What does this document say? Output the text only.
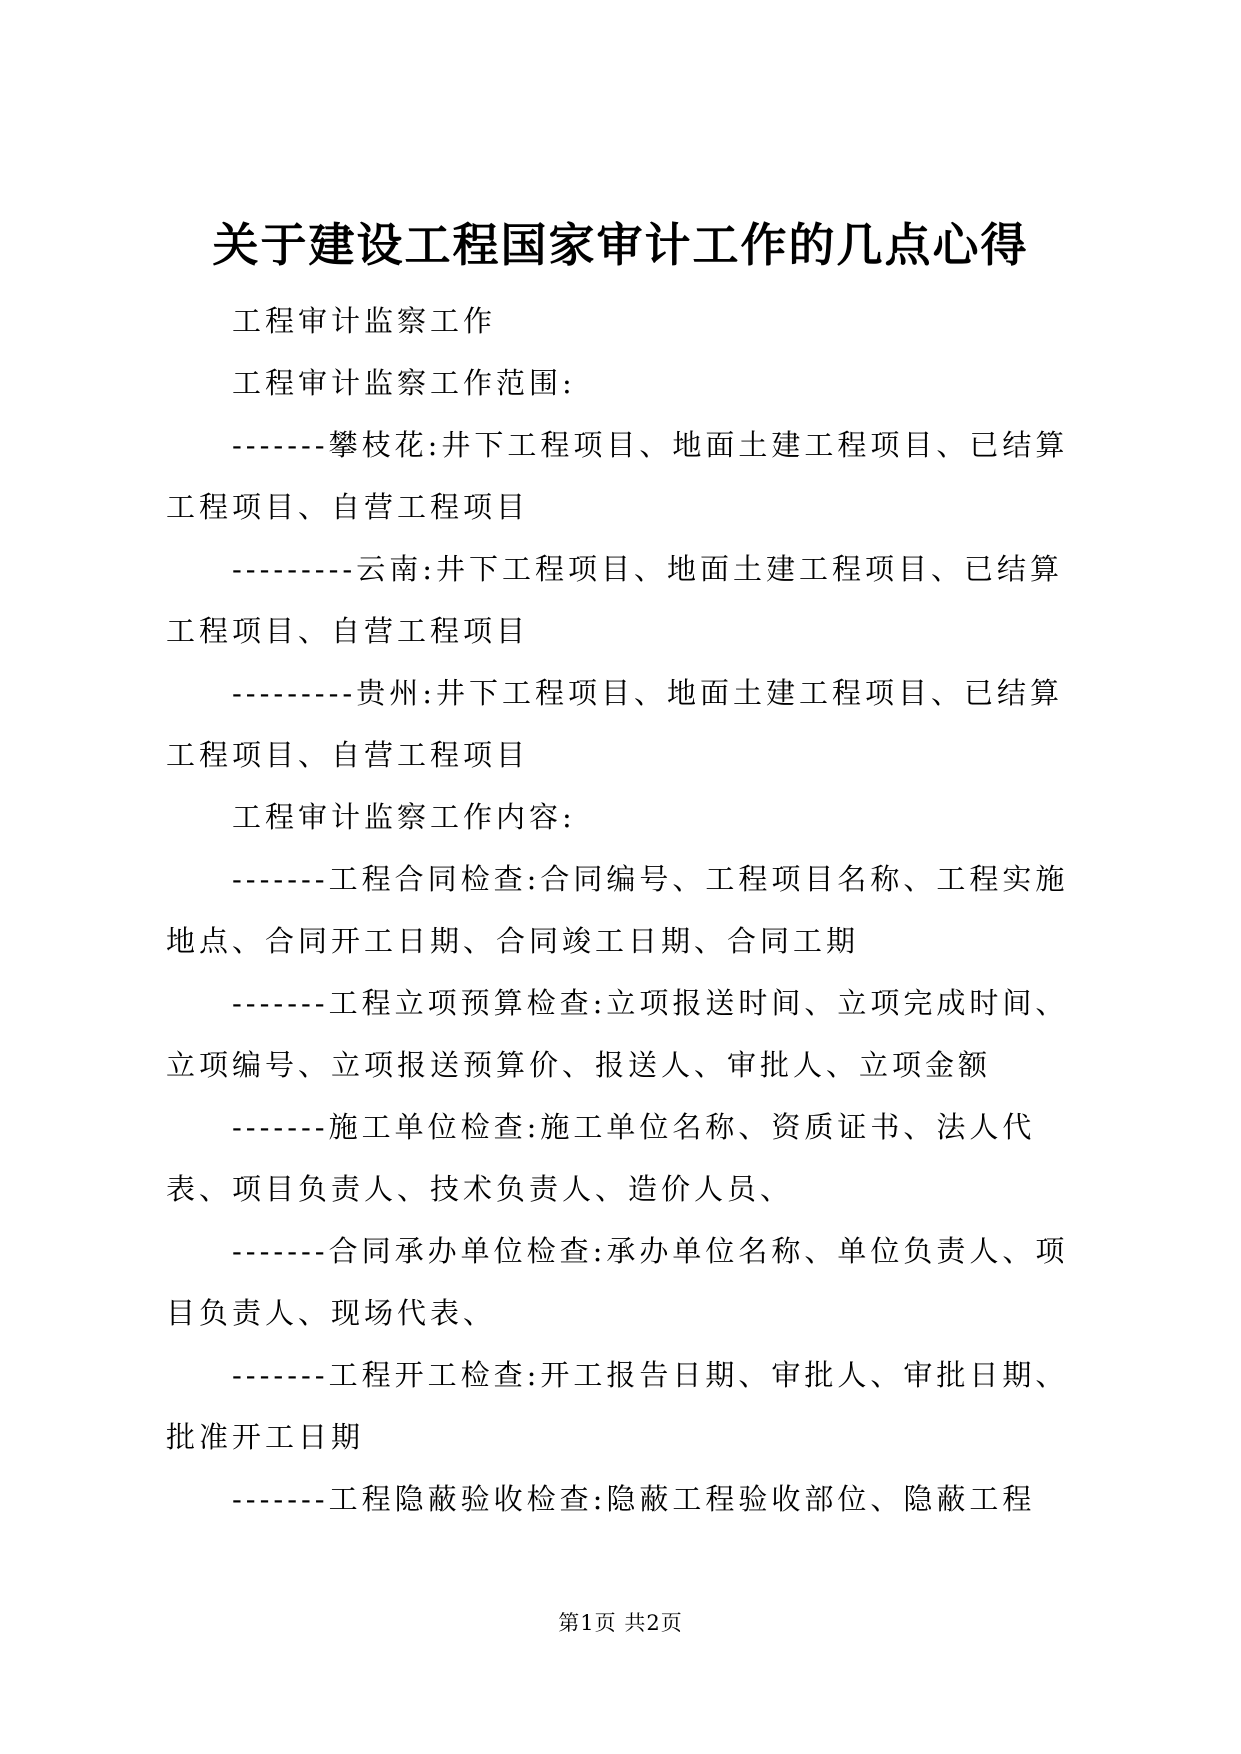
关于建设工程国家审计工作的几点心得

工程审计监察工作

工程审计监察工作范围:

-------攀枝花:井下工程项目、地面土建工程项目、已结算工程项目、自营工程项目

---------云南:井下工程项目、地面土建工程项目、已结算工程项目、自营工程项目

---------贵州:井下工程项目、地面土建工程项目、已结算工程项目、自营工程项目

工程审计监察工作内容:

-------工程合同检查:合同编号、工程项目名称、工程实施地点、合同开工日期、合同竣工日期、合同工期

-------工程立项预算检查:立项报送时间、立项完成时间、立项编号、立项报送预算价、报送人、审批人、立项金额

-------施工单位检查:施工单位名称、资质证书、法人代表、项目负责人、技术负责人、造价人员、

-------合同承办单位检查:承办单位名称、单位负责人、项目负责人、现场代表、

-------工程开工检查:开工报告日期、审批人、审批日期、批准开工日期

-------工程隐蔽验收检查:隐蔽工程验收部位、隐蔽工程

第1页 共2页
